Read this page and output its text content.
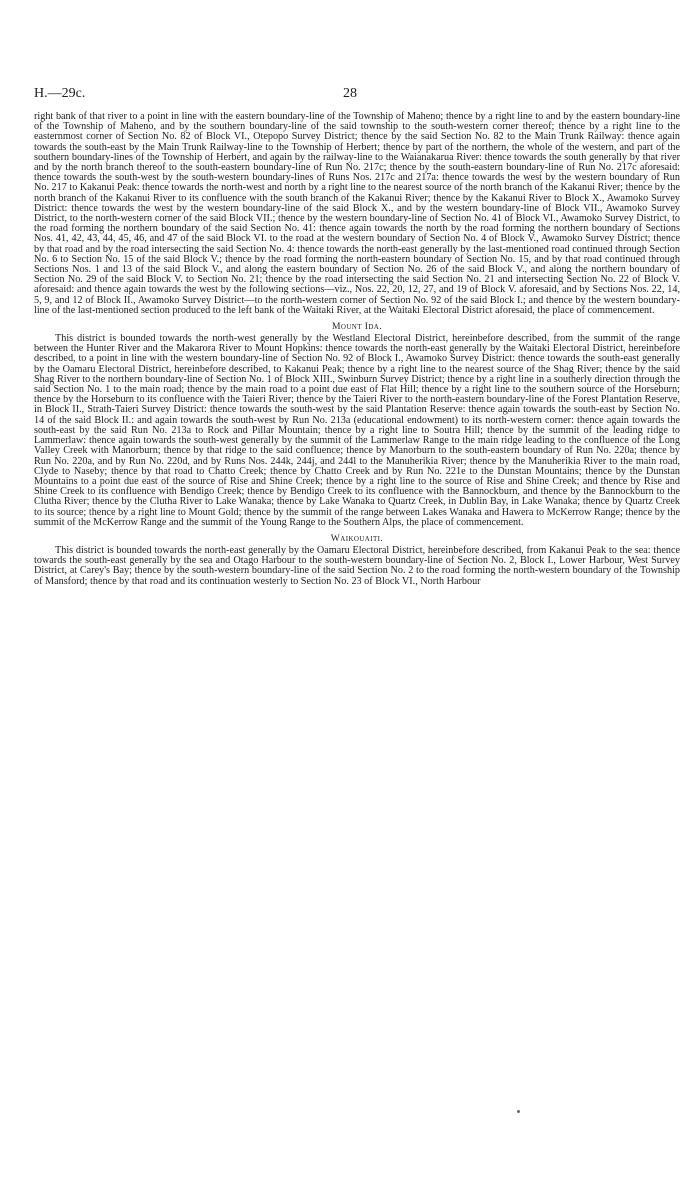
H.—29c.	28

right bank of that river to a point in line with the eastern boundary-line of the Township of Maheno; thence by a right line to and by the eastern boundary-line of the Township of Maheno, and by the southern boundary-line of the said township to the south-western corner thereof; thence by a right line to the easternmost corner of Section No. 82 of Block VI., Otepopo Survey District; thence by the said Section No. 82 to the Main Trunk Railway: thence again towards the south-east by the Main Trunk Railway-line to the Township of Herbert; thence by part of the northern, the whole of the western, and part of the southern boundary-lines of the Township of Herbert, and again by the railway-line to the Waianakarua River: thence towards the south generally by that river and by the north branch thereof to the south-eastern boundary-line of Run No. 217c; thence by the south-eastern boundary-line of Run No. 217c aforesaid: thence towards the south-west by the south-western boundary-lines of Runs Nos. 217c and 217a: thence towards the west by the western boundary of Run No. 217 to Kakanui Peak: thence towards the north-west and north by a right line to the nearest source of the north branch of the Kakanui River; thence by the north branch of the Kakanui River to its confluence with the south branch of the Kakanui River; thence by the Kakanui River to Block X., Awamoko Survey District: thence towards the west by the western boundary-line of the said Block X., and by the western boundary-line of Block VII., Awamoko Survey District, to the north-western corner of the said Block VII.; thence by the western boundary-line of Section No. 41 of Block VI., Awamoko Survey District, to the road forming the northern boundary of the said Section No. 41: thence again towards the north by the road forming the northern boundary of Sections Nos. 41, 42, 43, 44, 45, 46, and 47 of the said Block VI. to the road at the western boundary of Section No. 4 of Block V., Awamoko Survey District; thence by that road and by the road intersecting the said Section No. 4: thence towards the north-east generally by the last-mentioned road continued through Section No. 6 to Section No. 15 of the said Block V.; thence by the road forming the north-eastern boundary of Section No. 15, and by that road continued through Sections Nos. 1 and 13 of the said Block V., and along the eastern boundary of Section No. 26 of the said Block V., and along the northern boundary of Section No. 29 of the said Block V. to Section No. 21; thence by the road intersecting the said Section No. 21 and intersecting Section No. 22 of Block V. aforesaid: and thence again towards the west by the following sections—viz., Nos. 22, 20, 12, 27, and 19 of Block V. aforesaid, and by Sections Nos. 22, 14, 5, 9, and 12 of Block II., Awamoko Survey District—to the north-western corner of Section No. 92 of the said Block I.; and thence by the western boundary-line of the last-mentioned section produced to the left bank of the Waitaki River, at the Waitaki Electoral District aforesaid, the place of commencement.

Mount Ida.

This district is bounded towards the north-west generally by the Westland Electoral District, hereinbefore described, from the summit of the range between the Hunter River and the Makarora River to Mount Hopkins: thence towards the north-east generally by the Waitaki Electoral District, hereinbefore described, to a point in line with the western boundary-line of Section No. 92 of Block I., Awamoko Survey District: thence towards the south-east generally by the Oamaru Electoral District, hereinbefore described, to Kakanui Peak; thence by a right line to the nearest source of the Shag River; thence by the said Shag River to the northern boundary-line of Section No. 1 of Block XIII., Swinburn Survey District; thence by a right line in a southerly direction through the said Section No. 1 to the main road; thence by the main road to a point due east of Flat Hill; thence by a right line to the southern source of the Horseburn; thence by the Horseburn to its confluence with the Taieri River; thence by the Taieri River to the north-eastern boundary-line of the Forest Plantation Reserve, in Block II., Strath-Taieri Survey District: thence towards the south-west by the said Plantation Reserve: thence again towards the south-east by Section No. 14 of the said Block II.: and again towards the south-west by Run No. 213a (educational endowment) to its north-western corner: thence again towards the south-east by the said Run No. 213a to Rock and Pillar Mountain; thence by a right line to Soutra Hill; thence by the summit of the leading ridge to Lammerlaw: thence again towards the south-west generally by the summit of the Lammerlaw Range to the main ridge leading to the confluence of the Long Valley Creek with Manorburn; thence by that ridge to the said confluence; thence by Manorburn to the south-eastern boundary of Run No. 220a; thence by Run No. 220a, and by Run No. 220d, and by Runs Nos. 244k, 244j, and 244l to the Manuherikia River; thence by the Manuherikia River to the main road, Clyde to Naseby; thence by that road to Chatto Creek; thence by Chatto Creek and by Run No. 221e to the Dunstan Mountains; thence by the Dunstan Mountains to a point due east of the source of Rise and Shine Creek; thence by a right line to the source of Rise and Shine Creek; and thence by Rise and Shine Creek to its confluence with Bendigo Creek; thence by Bendigo Creek to its confluence with the Bannockburn, and thence by the Bannockburn to the Clutha River; thence by the Clutha River to Lake Wanaka; thence by Lake Wanaka to Quartz Creek, in Dublin Bay, in Lake Wanaka; thence by Quartz Creek to its source; thence by a right line to Mount Gold; thence by the summit of the range between Lakes Wanaka and Hawera to McKerrow Range; thence by the summit of the McKerrow Range and the summit of the Young Range to the Southern Alps, the place of commencement.

Waikouaiti.

This district is bounded towards the north-east generally by the Oamaru Electoral District, hereinbefore described, from Kakanui Peak to the sea: thence towards the south-east generally by the sea and Otago Harbour to the south-western boundary-line of Section No. 2, Block I., Lower Harbour, West Survey District, at Carey's Bay; thence by the south-western boundary-line of the said Section No. 2 to the road forming the north-western boundary of the Township of Mansford; thence by that road and its continuation westerly to Section No. 23 of Block VI., North Harbour
